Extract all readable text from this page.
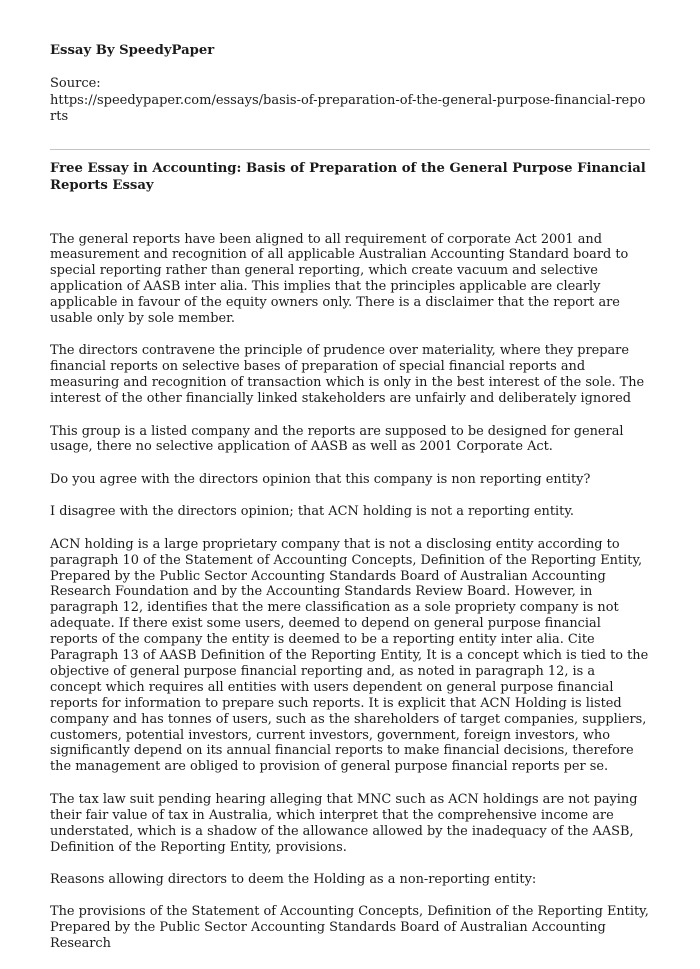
Essay By SpeedyPaper

Source:

https://speedypaper.com/essays/basis-of-preparation-of-the-general-purpose-financial-reports

Free Essay in Accounting: Basis of Preparation of the General Purpose Financial Reports Essay

The general reports have been aligned to all requirement of corporate Act 2001 and measurement and recognition of all applicable Australian Accounting Standard board to special reporting rather than general reporting, which create vacuum and selective application of AASB inter alia. This implies that the principles applicable are clearly applicable in favour of the equity owners only. There is a disclaimer that the report are usable only by sole member.

The directors contravene the principle of prudence over materiality, where they prepare financial reports on selective bases of preparation of special financial reports and measuring and recognition of transaction which is only in the best interest of the sole. The interest of the other financially linked stakeholders are unfairly and deliberately ignored

This group is a listed company and the reports are supposed to be designed for general usage, there no selective application of AASB as well as 2001 Corporate Act.

Do you agree with the directors opinion that this company is non reporting entity?

I disagree with the directors opinion; that ACN holding is not a reporting entity.

ACN holding is a large proprietary company that is not a disclosing entity according to paragraph 10 of the Statement of Accounting Concepts, Definition of the Reporting Entity, Prepared by the Public Sector Accounting Standards Board of Australian Accounting Research Foundation and by the Accounting Standards Review Board. However, in paragraph 12, identifies that the mere classification as a sole propriety company is not adequate. If there exist some users, deemed to depend on general purpose financial reports of the company the entity is deemed to be a reporting entity inter alia. Cite Paragraph 13 of AASB Definition of the Reporting Entity, It is a concept which is tied to the objective of general purpose financial reporting and, as noted in paragraph 12, is a concept which requires all entities with users dependent on general purpose financial reports for information to prepare such reports. It is explicit that ACN Holding is listed company and has tonnes of users, such as the shareholders of target companies, suppliers, customers, potential investors, current investors, government, foreign investors, who significantly depend on its annual financial reports to make financial decisions, therefore the management are obliged to provision of general purpose financial reports per se.

The tax law suit pending hearing alleging that MNC such as ACN holdings are not paying their fair value of tax in Australia, which interpret that the comprehensive income are understated, which is a shadow of the allowance allowed by the inadequacy of the AASB, Definition of the Reporting Entity, provisions.

Reasons allowing directors to deem the Holding as a non-reporting entity:

The provisions of the Statement of Accounting Concepts, Definition of the Reporting Entity, Prepared by the Public Sector Accounting Standards Board of Australian Accounting Research
